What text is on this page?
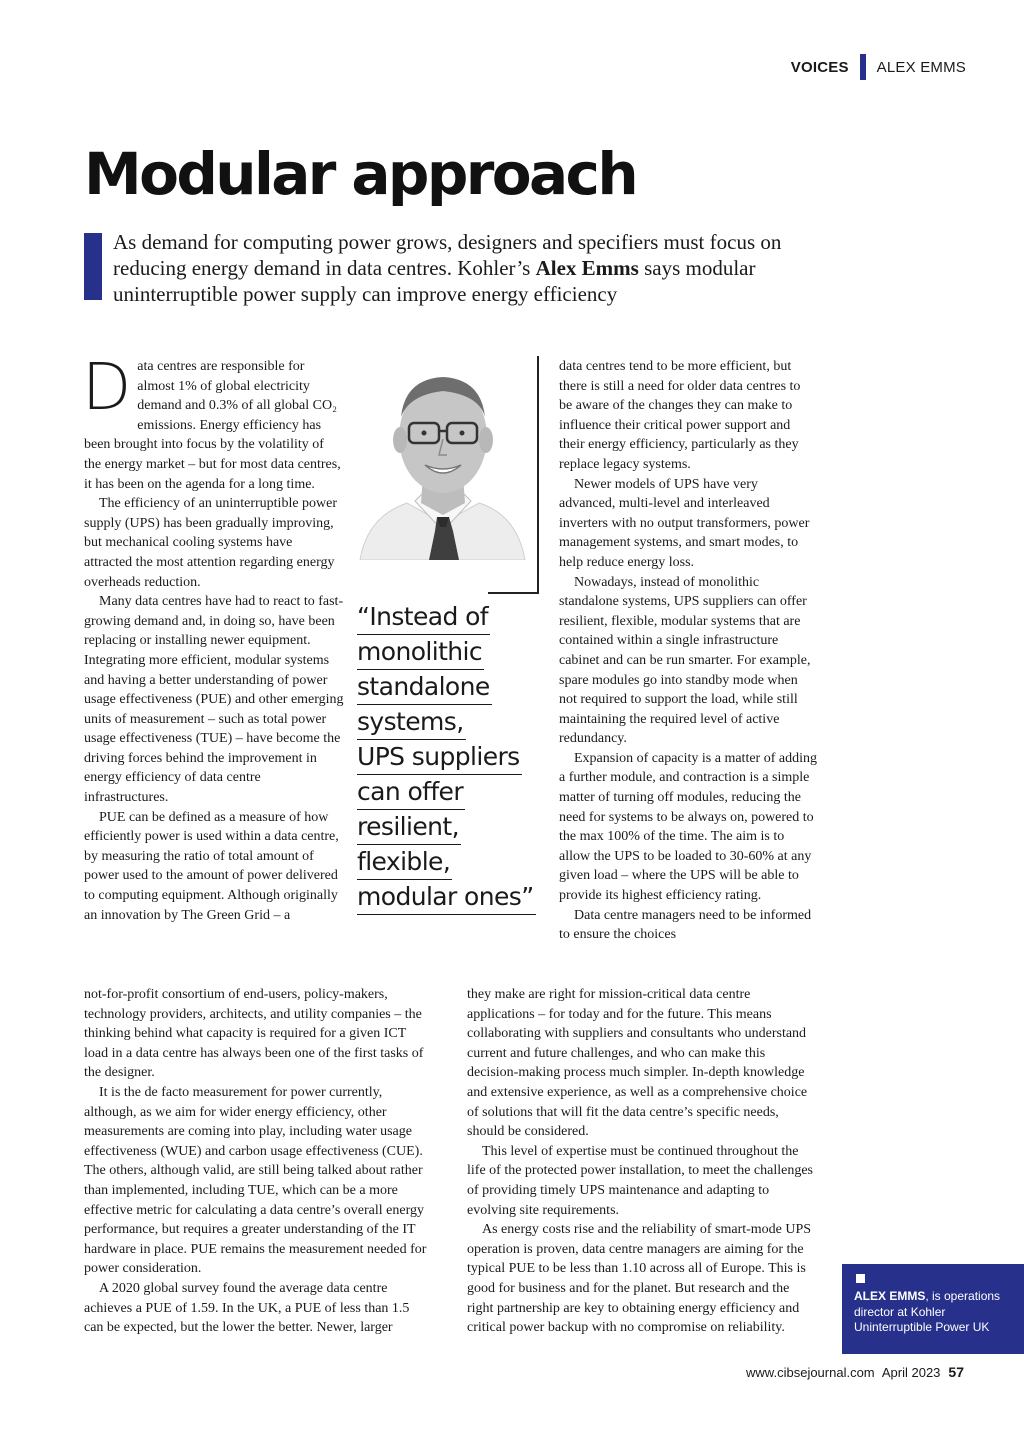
VOICES ALEX EMMS
Modular approach
As demand for computing power grows, designers and specifiers must focus on reducing energy demand in data centres. Kohler’s Alex Emms says modular uninterruptible power supply can improve energy efficiency

Data centres are responsible for almost 1% of global electricity demand and 0.3% of all global CO₂ emissions. Energy efficiency has been brought into focus by the volatility of the energy market – but for most data centres, it has been on the agenda for a long time.

The efficiency of an uninterruptible power supply (UPS) has been gradually improving, but mechanical cooling systems have attracted the most attention regarding energy overheads reduction.

Many data centres have had to react to fast-growing demand and, in doing so, have been replacing or installing newer equipment. Integrating more efficient, modular systems and having a better understanding of power usage effectiveness (PUE) and other emerging units of measurement – such as total power usage effectiveness (TUE) – have become the driving forces behind the improvement in energy efficiency of data centre infrastructures.

PUE can be defined as a measure of how efficiently power is used within a data centre, by measuring the ratio of total amount of power used to the amount of power delivered to computing equipment. Although originally an innovation by The Green Grid – a

not-for-profit consortium of end-users, policy-makers, technology providers, architects, and utility companies – the thinking behind what capacity is required for a given ICT load in a data centre has always been one of the first tasks of the designer.

It is the de facto measurement for power currently, although, as we aim for wider energy efficiency, other measurements are coming into play, including water usage effectiveness (WUE) and carbon usage effectiveness (CUE). The others, although valid, are still being talked about rather than implemented, including TUE, which can be a more effective metric for calculating a data centre’s overall energy performance, but requires a greater understanding of the IT hardware in place. PUE remains the measurement needed for power consideration.

A 2020 global survey found the average data centre achieves a PUE of 1.59. In the UK, a PUE of less than 1.5 can be expected, but the lower the better. Newer, larger

“Instead of
monolithic
standalone
systems,
UPS suppliers
can offer
resilient,
flexible,
modular ones”

data centres tend to be more efficient, but there is still a need for older data centres to be aware of the changes they can make to influence their critical power support and their energy efficiency, particularly as they replace legacy systems.

Newer models of UPS have very advanced, multi-level and interleaved inverters with no output transformers, power management systems, and smart modes, to help reduce energy loss.

Nowadays, instead of monolithic standalone systems, UPS suppliers can offer resilient, flexible, modular systems that are contained within a single infrastructure cabinet and can be run smarter. For example, spare modules go into standby mode when not required to support the load, while still maintaining the required level of active redundancy.

Expansion of capacity is a matter of adding a further module, and contraction is a simple matter of turning off modules, reducing the need for systems to be always on, powered to the max 100% of the time. The aim is to allow the UPS to be loaded to 30-60% at any given load – where the UPS will be able to provide its highest efficiency rating.

Data centre managers need to be informed to ensure the choices

they make are right for mission-critical data centre applications – for today and for the future. This means collaborating with suppliers and consultants who understand current and future challenges, and who can make this decision-making process much simpler. In-depth knowledge and extensive experience, as well as a comprehensive choice of solutions that will fit the data centre’s specific needs, should be considered.

This level of expertise must be continued throughout the life of the protected power installation, to meet the challenges of providing timely UPS maintenance and adapting to evolving site requirements.

As energy costs rise and the reliability of smart-mode UPS operation is proven, data centre managers are aiming for the typical PUE to be less than 1.10 across all of Europe. This is good for business and for the planet. But research and the right partnership are key to obtaining energy efficiency and critical power backup with no compromise on reliability.

ALEX EMMS, is operations director at Kohler Uninterruptible Power UK
www.cibsejournal.com April 2023 57
